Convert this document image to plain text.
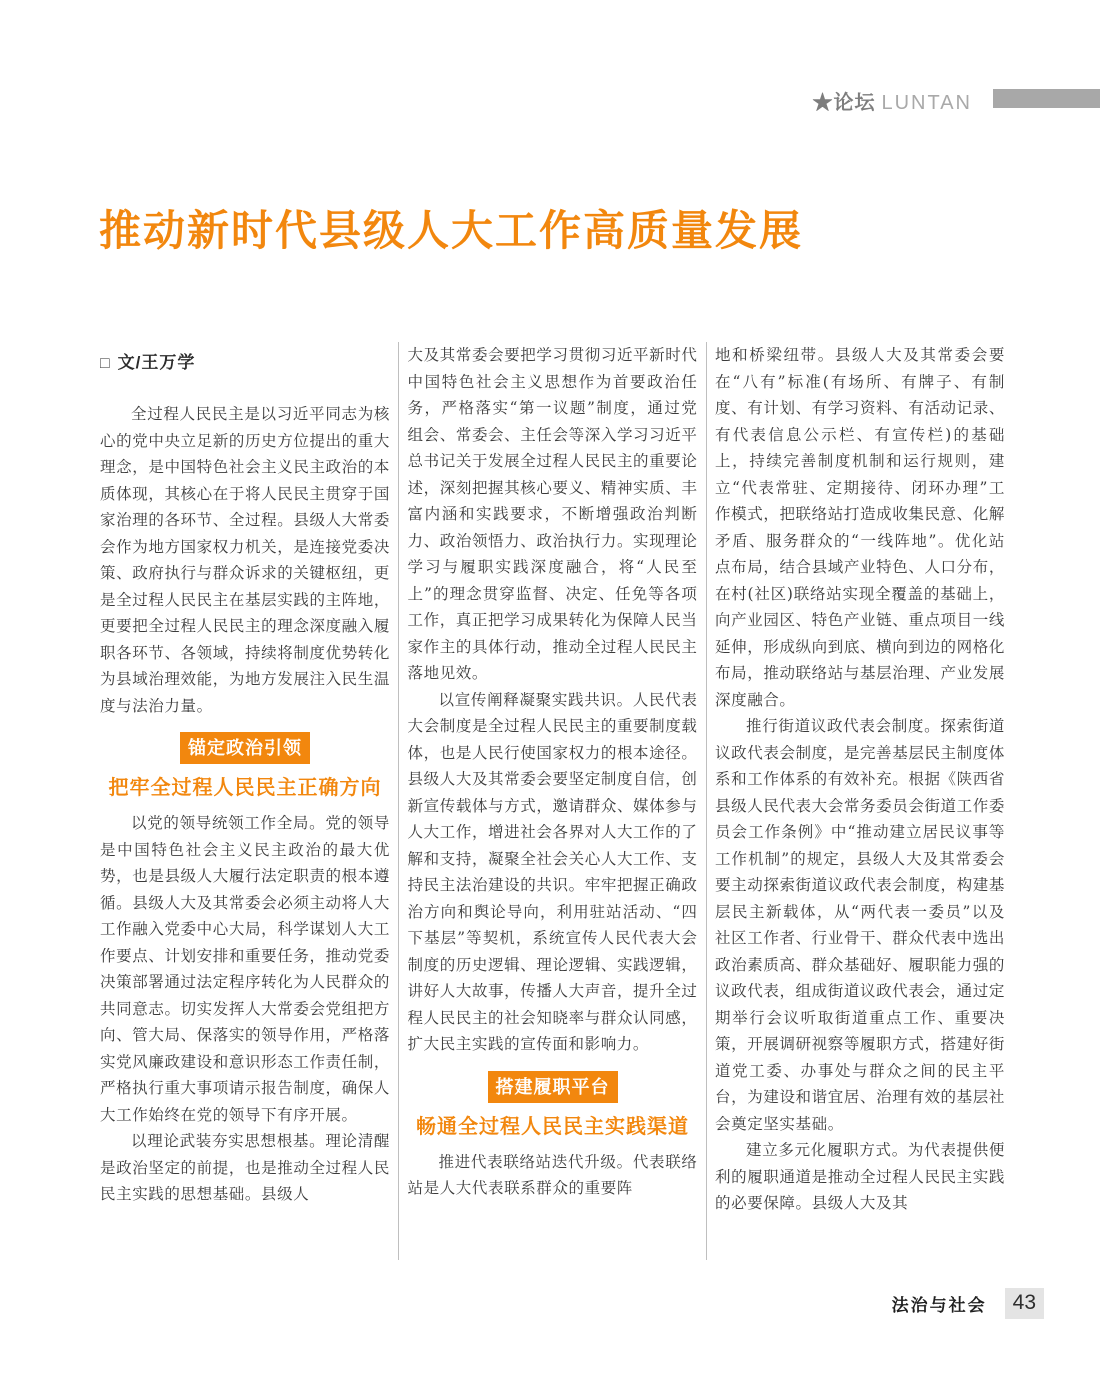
★论坛 LUNTAN
推动新时代县级人大工作高质量发展
□ 文/王万学

全过程人民民主是以习近平同志为核心的党中央立足新的历史方位提出的重大理念，是中国特色社会主义民主政治的本质体现，其核心在于将人民民主贯穿于国家治理的各环节、全过程。县级人大常委会作为地方国家权力机关，是连接党委决策、政府执行与群众诉求的关键枢纽，更是全过程人民民主在基层实践的主阵地，更要把全过程人民民主的理念深度融入履职各环节、各领域，持续将制度优势转化为县域治理效能，为地方发展注入民生温度与法治力量。

锚定政治引领
把牢全过程人民民主正确方向

以党的领导统领工作全局。党的领导是中国特色社会主义民主政治的最大优势，也是县级人大履行法定职责的根本遵循。县级人大及其常委会必须主动将人大工作融入党委中心大局，科学谋划人大工作要点、计划安排和重要任务，推动党委决策部署通过法定程序转化为人民群众的共同意志。切实发挥人大常委会党组把方向、管大局、保落实的领导作用，严格落实党风廉政建设和意识形态工作责任制，严格执行重大事项请示报告制度，确保人大工作始终在党的领导下有序开展。

以理论武装夯实思想根基。理论清醒是政治坚定的前提，也是推动全过程人民民主实践的思想基础。县级人

大及其常委会要把学习贯彻习近平新时代中国特色社会主义思想作为首要政治任务，严格落实“第一议题”制度，通过党组会、常委会、主任会等深入学习习近平总书记关于发展全过程人民民主的重要论述，深刻把握其核心要义、精神实质、丰富内涵和实践要求，不断增强政治判断力、政治领悟力、政治执行力。实现理论学习与履职实践深度融合，将“人民至上”的理念贯穿监督、决定、任免等各项工作，真正把学习成果转化为保障人民当家作主的具体行动，推动全过程人民民主落地见效。

以宣传阐释凝聚实践共识。人民代表大会制度是全过程人民民主的重要制度载体，也是人民行使国家权力的根本途径。县级人大及其常委会要坚定制度自信，创新宣传载体与方式，邀请群众、媒体参与人大工作，增进社会各界对人大工作的了解和支持，凝聚全社会关心人大工作、支持民主法治建设的共识。牢牢把握正确政治方向和舆论导向，利用驻站活动、“四下基层”等契机，系统宣传人民代表大会制度的历史逻辑、理论逻辑、实践逻辑，讲好人大故事，传播人大声音，提升全过程人民民主的社会知晓率与群众认同感，扩大民主实践的宣传面和影响力。

搭建履职平台
畅通全过程人民民主实践渠道

推进代表联络站迭代升级。代表联络站是人大代表联系群众的重要阵

地和桥梁纽带。县级人大及其常委会要在“八有”标准(有场所、有牌子、有制度、有计划、有学习资料、有活动记录、有代表信息公示栏、有宣传栏)的基础上，持续完善制度机制和运行规则，建立“代表常驻、定期接待、闭环办理”工作模式，把联络站打造成收集民意、化解矛盾、服务群众的“一线阵地”。优化站点布局，结合县域产业特色、人口分布，在村(社区)联络站实现全覆盖的基础上，向产业园区、特色产业链、重点项目一线延伸，形成纵向到底、横向到边的网格化布局，推动联络站与基层治理、产业发展深度融合。

推行街道议政代表会制度。探索街道议政代表会制度，是完善基层民主制度体系和工作体系的有效补充。根据《陕西省县级人民代表大会常务委员会街道工作委员会工作条例》中“推动建立居民议事等工作机制”的规定，县级人大及其常委会要主动探索街道议政代表会制度，构建基层民主新载体，从“两代表一委员”以及社区工作者、行业骨干、群众代表中选出政治素质高、群众基础好、履职能力强的议政代表，组成街道议政代表会，通过定期举行会议听取街道重点工作、重要决策，开展调研视察等履职方式，搭建好街道党工委、办事处与群众之间的民主平台，为建设和谐宜居、治理有效的基层社会奠定坚实基础。

建立多元化履职方式。为代表提供便利的履职通道是推动全过程人民民主实践的必要保障。县级人大及其

法治与社会	43
